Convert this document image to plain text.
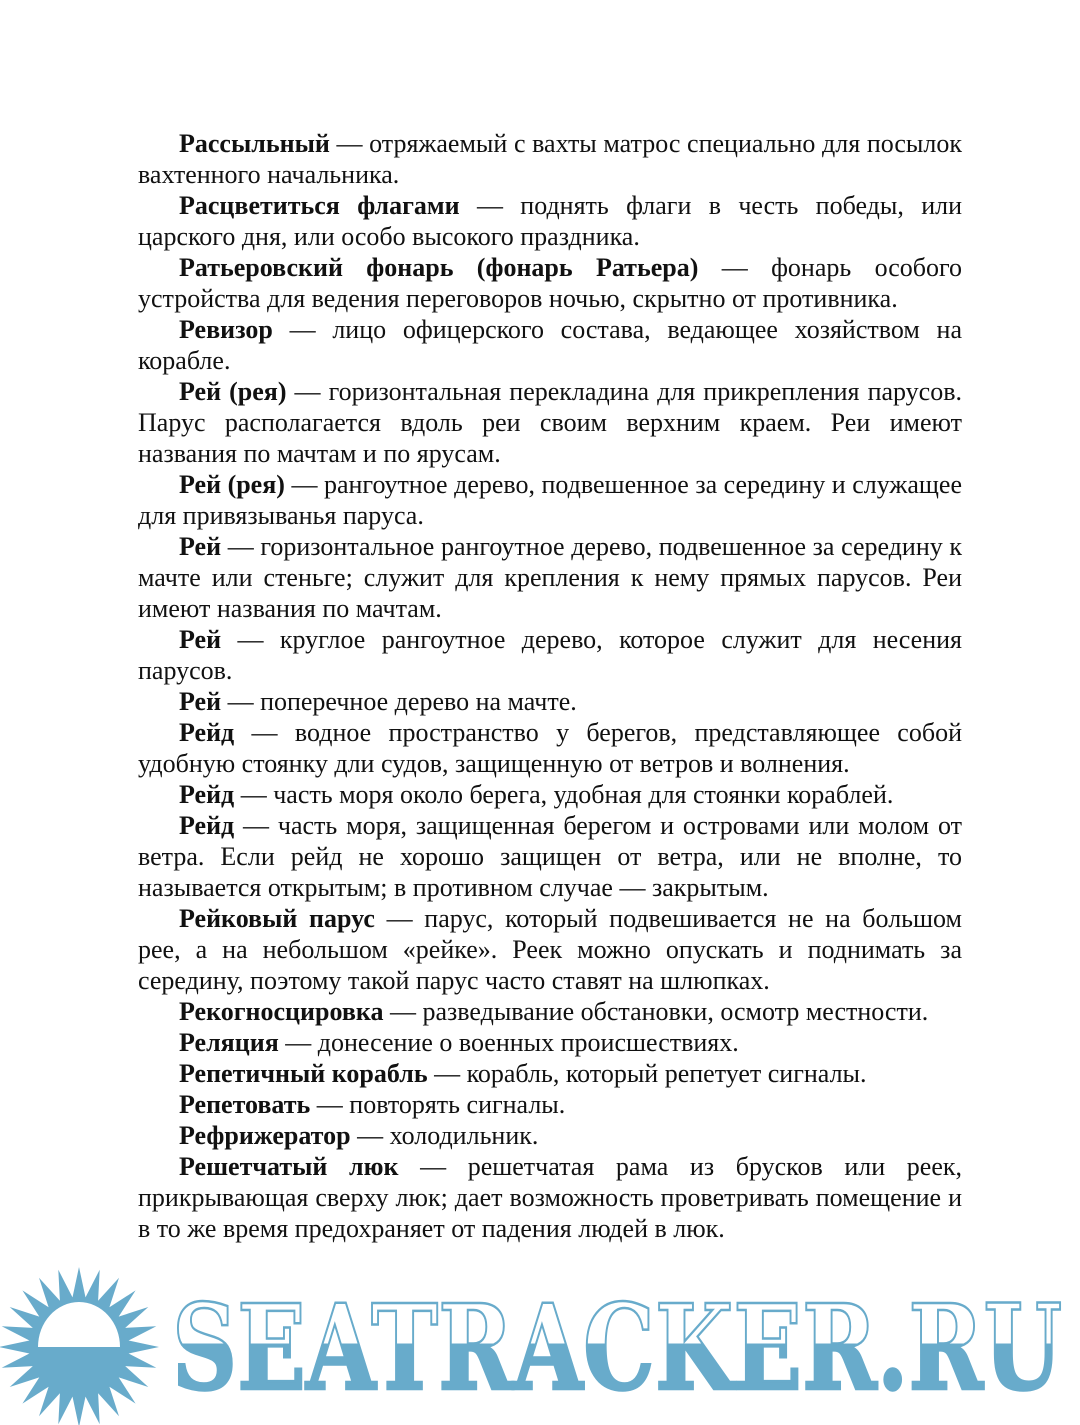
Рассыльный — отряжаемый с вахты матрос специально для посылок вахтенного начальника.

Расцветиться флагами — поднять флаги в честь победы, или царского дня, или особо высокого праздника.

Ратьеровский фонарь (фонарь Ратьера) — фонарь особого устройства для ведения переговоров ночью, скрытно от противника.

Ревизор — лицо офицерского состава, ведающее хозяйством на корабле.

Рей (рея) — горизонтальная перекладина для прикрепления парусов. Парус располагается вдоль реи своим верхним краем. Реи имеют названия по мачтам и по ярусам.

Рей (рея) — рангоутное дерево, подвешенное за середину и служащее для привязыванья паруса.

Рей — горизонтальное рангоутное дерево, подвешенное за середину к мачте или стеньге; служит для крепления к нему прямых парусов. Реи имеют названия по мачтам.

Рей — круглое рангоутное дерево, которое служит для несения парусов.

Рей — поперечное дерево на мачте.

Рейд — водное пространство у берегов, представляющее собой удобную стоянку дли судов, защищенную от ветров и волнения.

Рейд — часть моря около берега, удобная для стоянки кораблей.

Рейд — часть моря, защищенная берегом и островами или молом от ветра. Если рейд не хорошо защищен от ветра, или не вполне, то называется открытым; в противном случае — закрытым.

Рейковый парус — парус, который подвешивается не на большом рее, а на небольшом «рейке». Реек можно опускать и поднимать за середину, поэтому такой парус часто ставят на шлюпках.

Рекогносцировка — разведывание обстановки, осмотр местности.

Реляция — донесение о военных происшествиях.

Репетичный корабль — корабль, который репетует сигналы.

Репетовать — повторять сигналы.

Рефрижератор — холодильник.

Решетчатый люк — решетчатая рама из брусков или реек, прикрывающая сверху люк; дает возможность проветривать помещение и в то же время предохраняет от падения людей в люк.

SEATRACKER.RU
